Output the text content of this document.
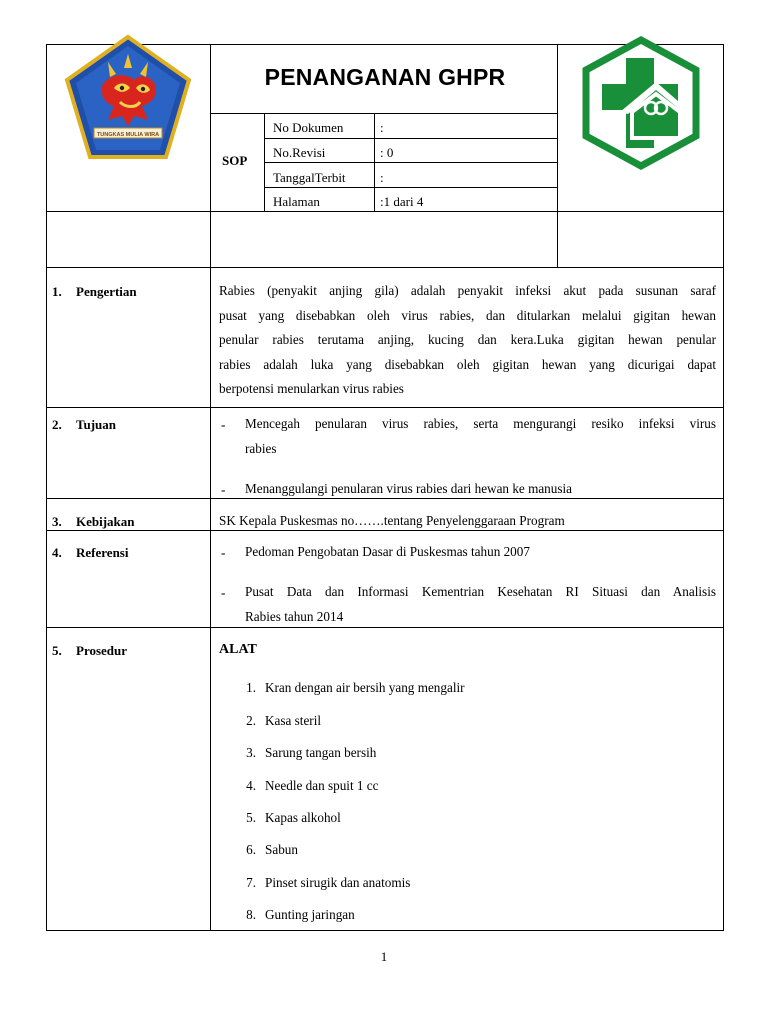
PENANGANAN GHPR
SOP
No Dokumen	:
No.Revisi	: 0
TanggalTerbit	:
Halaman	:1 dari 4
TUNGKAS MULIA WIRA
1. Pengertian	Rabies (penyakit anjing gila) adalah penyakit infeksi akut pada susunan saraf
pusat yang disebabkan oleh virus rabies, dan ditularkan melalui gigitan hewan
penular rabies terutama anjing, kucing dan kera.Luka gigitan hewan penular
rabies adalah luka yang disebabkan oleh gigitan hewan yang dicurigai dapat
berpotensi menularkan virus rabies
2. Tujuan	- Mencegah penularan virus rabies, serta mengurangi resiko infeksi virus
rabies
- Menanggulangi penularan virus rabies dari hewan ke manusia
3. Kebijakan	SK Kepala Puskesmas no…….tentang Penyelenggaraan Program
4. Referensi	- Pedoman Pengobatan Dasar di Puskesmas tahun 2007
- Pusat Data dan Informasi Kementrian Kesehatan RI Situasi dan Analisis
Rabies tahun 2014
5. Prosedur	ALAT
1. Kran dengan air bersih yang mengalir
2. Kasa steril
3. Sarung tangan bersih
4. Needle dan spuit 1 cc
5. Kapas alkohol
6. Sabun
7. Pinset sirugik dan anatomis
8. Gunting jaringan
1
